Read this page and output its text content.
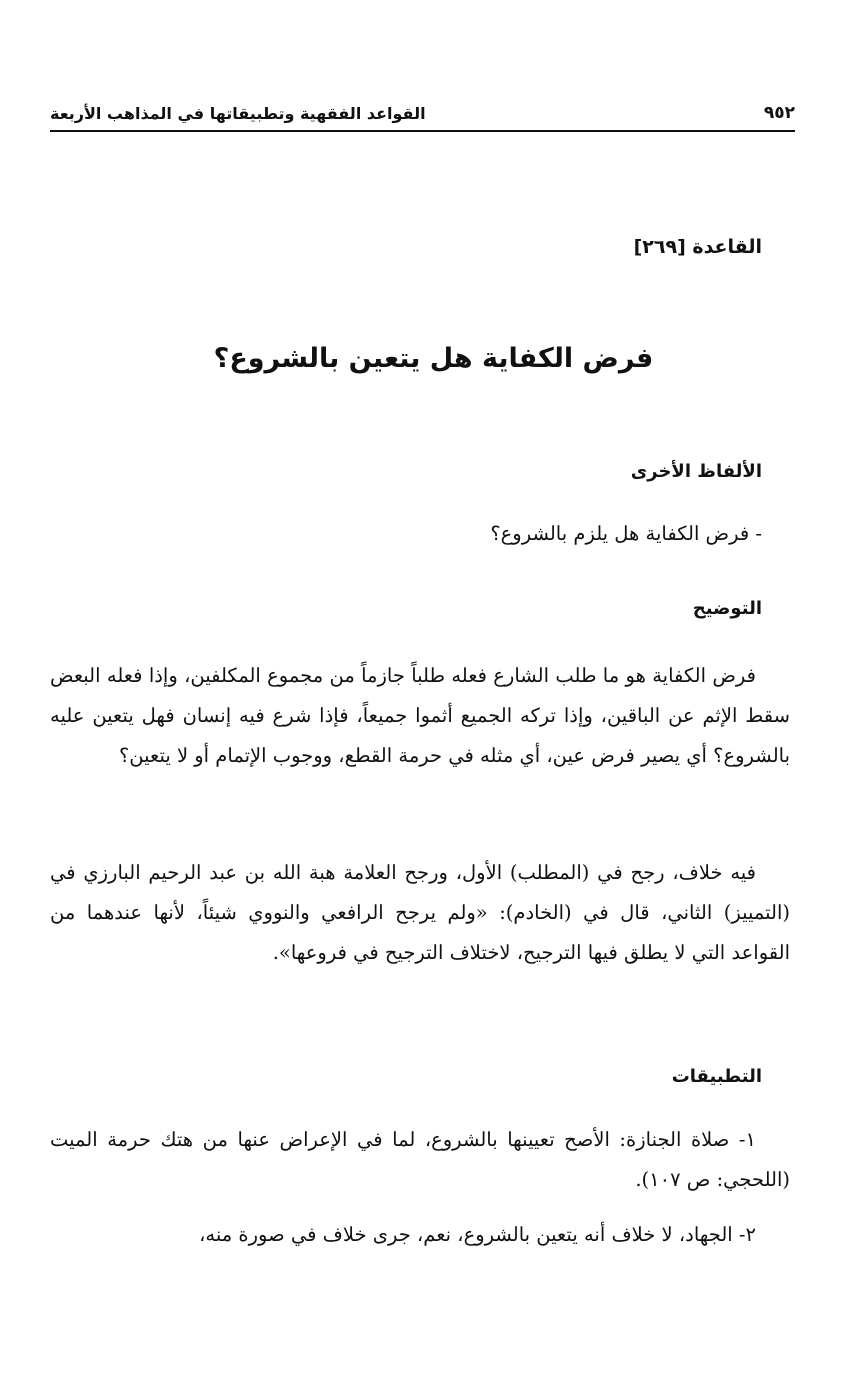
٩٥٢
القواعد الفقهية وتطبيقاتها في المذاهب الأربعة
القاعدة [٢٦٩]
فرض الكفاية هل يتعين بالشروع؟
الألفاظ الأخرى
- فرض الكفاية هل يلزم بالشروع؟
التوضيح

فرض الكفاية هو ما طلب الشارع فعله طلباً جازماً من مجموع المكلفين، وإذا فعله البعض سقط الإثم عن الباقين، وإذا تركه الجميع أثموا جميعاً، فإذا شرع فيه إنسان فهل يتعين عليه بالشروع؟ أي يصير فرض عين، أي مثله في حرمة القطع، ووجوب الإتمام أو لا يتعين؟

فيه خلاف، رجح في (المطلب) الأول، ورجح العلامة هبة الله بن عبد الرحيم البارزي في (التمييز) الثاني، قال في (الخادم): «ولم يرجح الرافعي والنووي شيئاً، لأنها عندهما من القواعد التي لا يطلق فيها الترجيح، لاختلاف الترجيح في فروعها».

التطبيقات

١- صلاة الجنازة: الأصح تعيينها بالشروع، لما في الإعراض عنها من هتك حرمة الميت (اللحجي: ص ١٠٧).

٢- الجهاد، لا خلاف أنه يتعين بالشروع، نعم، جرى خلاف في صورة منه،
